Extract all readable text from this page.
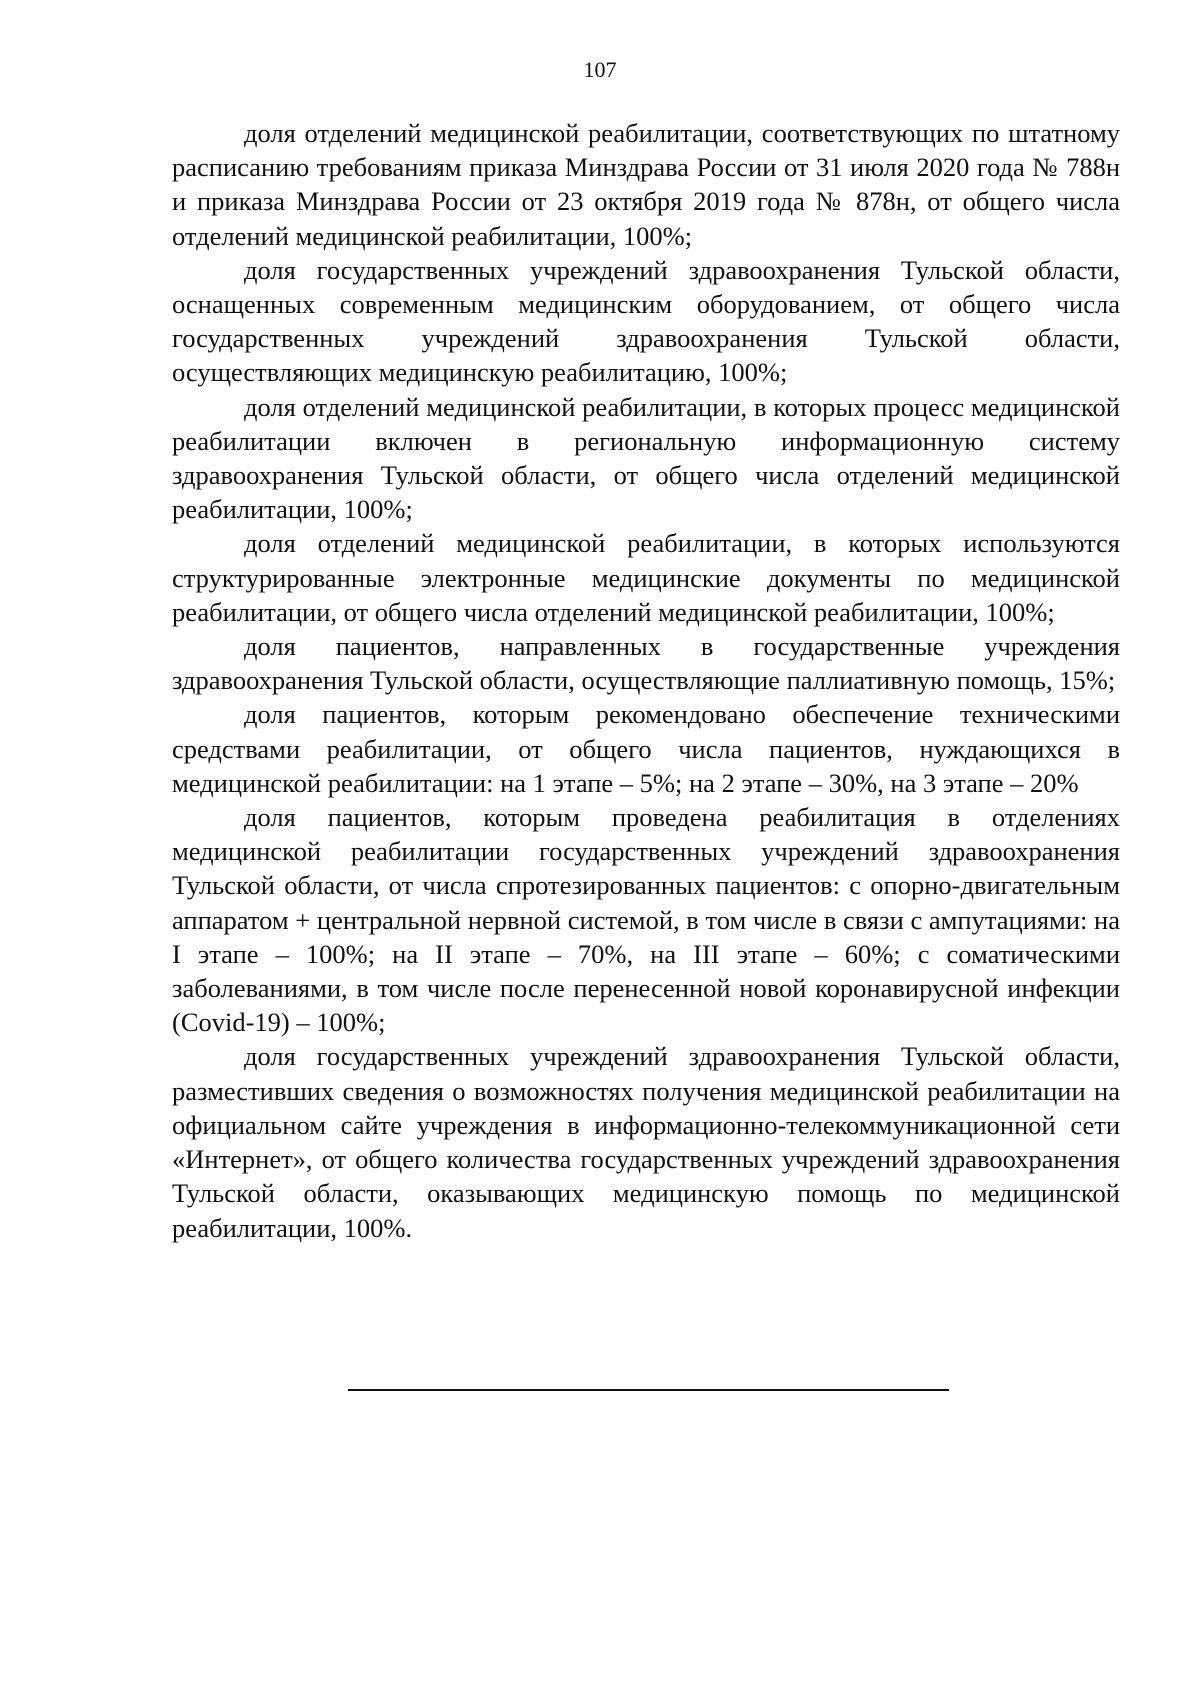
107

доля отделений медицинской реабилитации, соответствующих по штатному расписанию требованиям приказа Минздрава России от 31 июля 2020 года № 788н и приказа Минздрава России от 23 октября 2019 года № 878н, от общего числа отделений медицинской реабилитации, 100%;

доля государственных учреждений здравоохранения Тульской области, оснащенных современным медицинским оборудованием, от общего числа государственных учреждений здравоохранения Тульской области, осуществляющих медицинскую реабилитацию, 100%;

доля отделений медицинской реабилитации, в которых процесс медицинской реабилитации включен в региональную информационную систему здравоохранения Тульской области, от общего числа отделений медицинской реабилитации, 100%;

доля отделений медицинской реабилитации, в которых используются структурированные электронные медицинские документы по медицинской реабилитации, от общего числа отделений медицинской реабилитации, 100%;

доля пациентов, направленных в государственные учреждения здравоохранения Тульской области, осуществляющие паллиативную помощь, 15%;

доля пациентов, которым рекомендовано обеспечение техническими средствами реабилитации, от общего числа пациентов, нуждающихся в медицинской реабилитации: на 1 этапе – 5%; на 2 этапе – 30%, на 3 этапе – 20%

доля пациентов, которым проведена реабилитация в отделениях медицинской реабилитации государственных учреждений здравоохранения Тульской области, от числа спротезированных пациентов: с опорно-двигательным аппаратом + центральной нервной системой, в том числе в связи с ампутациями: на I этапе – 100%; на II этапе – 70%, на III этапе – 60%; с соматическими заболеваниями, в том числе после перенесенной новой коронавирусной инфекции (Covid-19) – 100%;

доля государственных учреждений здравоохранения Тульской области, разместивших сведения о возможностях получения медицинской реабилитации на официальном сайте учреждения в информационно-телекоммуникационной сети «Интернет», от общего количества государственных учреждений здравоохранения Тульской области, оказывающих медицинскую помощь по медицинской реабилитации, 100%.
